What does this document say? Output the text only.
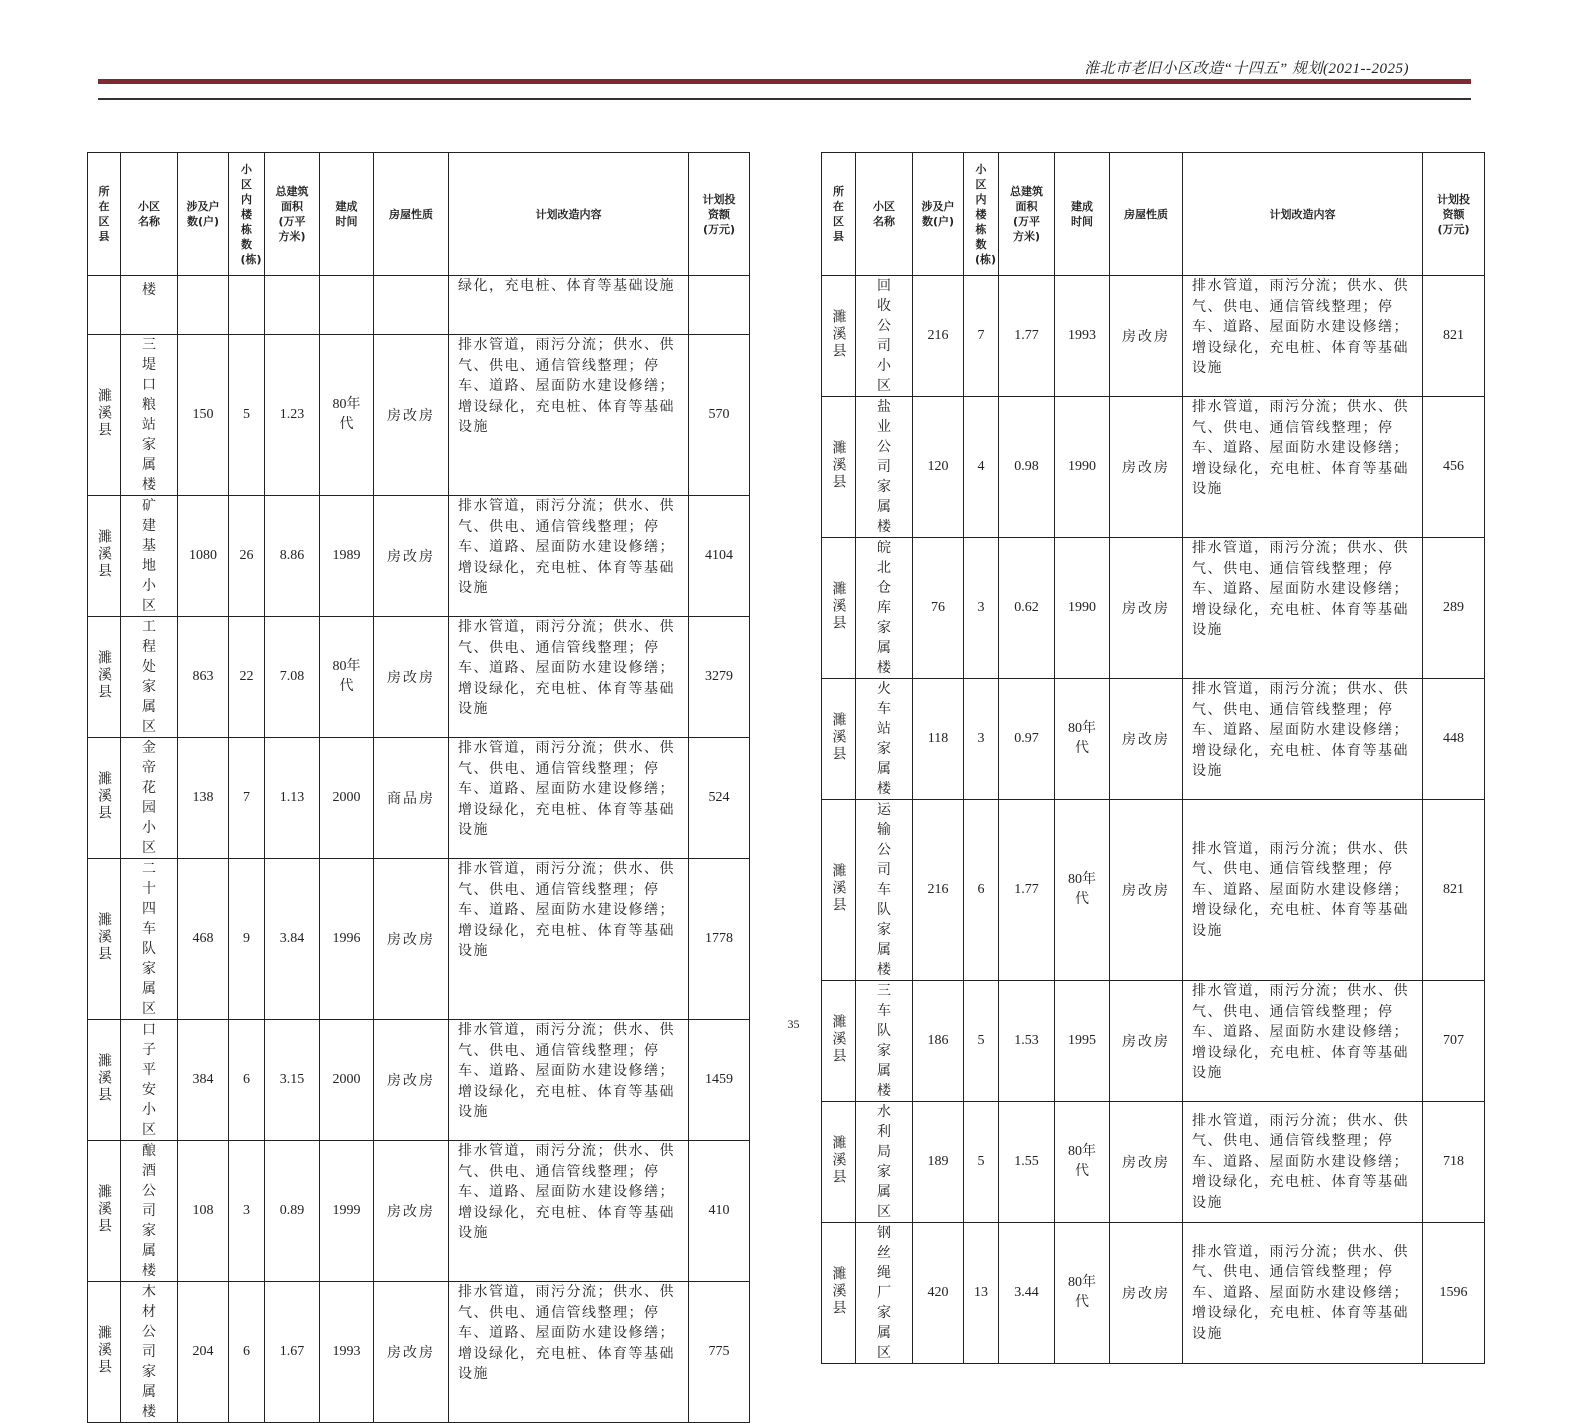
淮北市老旧小区改造“十四五” 规划(2021--2025)
所在区县	小区名称	涉及户数(户)	小区内楼栋数(栋)	总建筑面积(万平方米)	建成时间	房屋性质	计划改造内容	计划投资额(万元)

	楼						绿化，充电桩、体育等基础设施	
濉溪县	三堤口粮站家属楼	150	5	1.23	80年代	房改房	排水管道，雨污分流；供水、供气、供电、通信管线整理；停车、道路、屋面防水建设修缮；增设绿化，充电桩、体育等基础设施	570
濉溪县	矿建基地小区	1080	26	8.86	1989	房改房	排水管道，雨污分流；供水、供气、供电、通信管线整理；停车、道路、屋面防水建设修缮；增设绿化，充电桩、体育等基础设施	4104
濉溪县	工程处家属区	863	22	7.08	80年代	房改房	排水管道，雨污分流；供水、供气、供电、通信管线整理；停车、道路、屋面防水建设修缮；增设绿化，充电桩、体育等基础设施	3279
濉溪县	金帝花园小区	138	7	1.13	2000	商品房	排水管道，雨污分流；供水、供气、供电、通信管线整理；停车、道路、屋面防水建设修缮；增设绿化，充电桩、体育等基础设施	524
濉溪县	二十四车队家属区	468	9	3.84	1996	房改房	排水管道，雨污分流；供水、供气、供电、通信管线整理；停车、道路、屋面防水建设修缮；增设绿化，充电桩、体育等基础设施	1778
濉溪县	口子平安小区	384	6	3.15	2000	房改房	排水管道，雨污分流；供水、供气、供电、通信管线整理；停车、道路、屋面防水建设修缮；增设绿化，充电桩、体育等基础设施	1459
濉溪县	酿酒公司家属楼	108	3	0.89	1999	房改房	排水管道，雨污分流；供水、供气、供电、通信管线整理；停车、道路、屋面防水建设修缮；增设绿化，充电桩、体育等基础设施	410
濉溪县	木材公司家属楼	204	6	1.67	1993	房改房	排水管道，雨污分流；供水、供气、供电、通信管线整理；停车、道路、屋面防水建设修缮；增设绿化，充电桩、体育等基础设施	775
所在区县	小区名称	涉及户数(户)	小区内楼栋数(栋)	总建筑面积(万平方米)	建成时间	房屋性质	计划改造内容	计划投资额(万元)

濉溪县	回收公司小区	216	7	1.77	1993	房改房	排水管道，雨污分流；供水、供气、供电、通信管线整理；停车、道路、屋面防水建设修缮；增设绿化，充电桩、体育等基础设施	821
濉溪县	盐业公司家属楼	120	4	0.98	1990	房改房	排水管道，雨污分流；供水、供气、供电、通信管线整理；停车、道路、屋面防水建设修缮；增设绿化，充电桩、体育等基础设施	456
濉溪县	皖北仓库家属楼	76	3	0.62	1990	房改房	排水管道，雨污分流；供水、供气、供电、通信管线整理；停车、道路、屋面防水建设修缮；增设绿化，充电桩、体育等基础设施	289
濉溪县	火车站家属楼	118	3	0.97	80年代	房改房	排水管道，雨污分流；供水、供气、供电、通信管线整理；停车、道路、屋面防水建设修缮；增设绿化，充电桩、体育等基础设施	448
濉溪县	运输公司车队家属楼	216	6	1.77	80年代	房改房	排水管道，雨污分流；供水、供气、供电、通信管线整理；停车、道路、屋面防水建设修缮；增设绿化，充电桩、体育等基础设施	821
濉溪县	三车队家属楼	186	5	1.53	1995	房改房	排水管道，雨污分流；供水、供气、供电、通信管线整理；停车、道路、屋面防水建设修缮；增设绿化，充电桩、体育等基础设施	707
濉溪县	水利局家属区	189	5	1.55	80年代	房改房	排水管道，雨污分流；供水、供气、供电、通信管线整理；停车、道路、屋面防水建设修缮；增设绿化，充电桩、体育等基础设施	718
濉溪县	钢丝绳厂家属区	420	13	3.44	80年代	房改房	排水管道，雨污分流；供水、供气、供电、通信管线整理；停车、道路、屋面防水建设修缮；增设绿化，充电桩、体育等基础设施	1596
35
